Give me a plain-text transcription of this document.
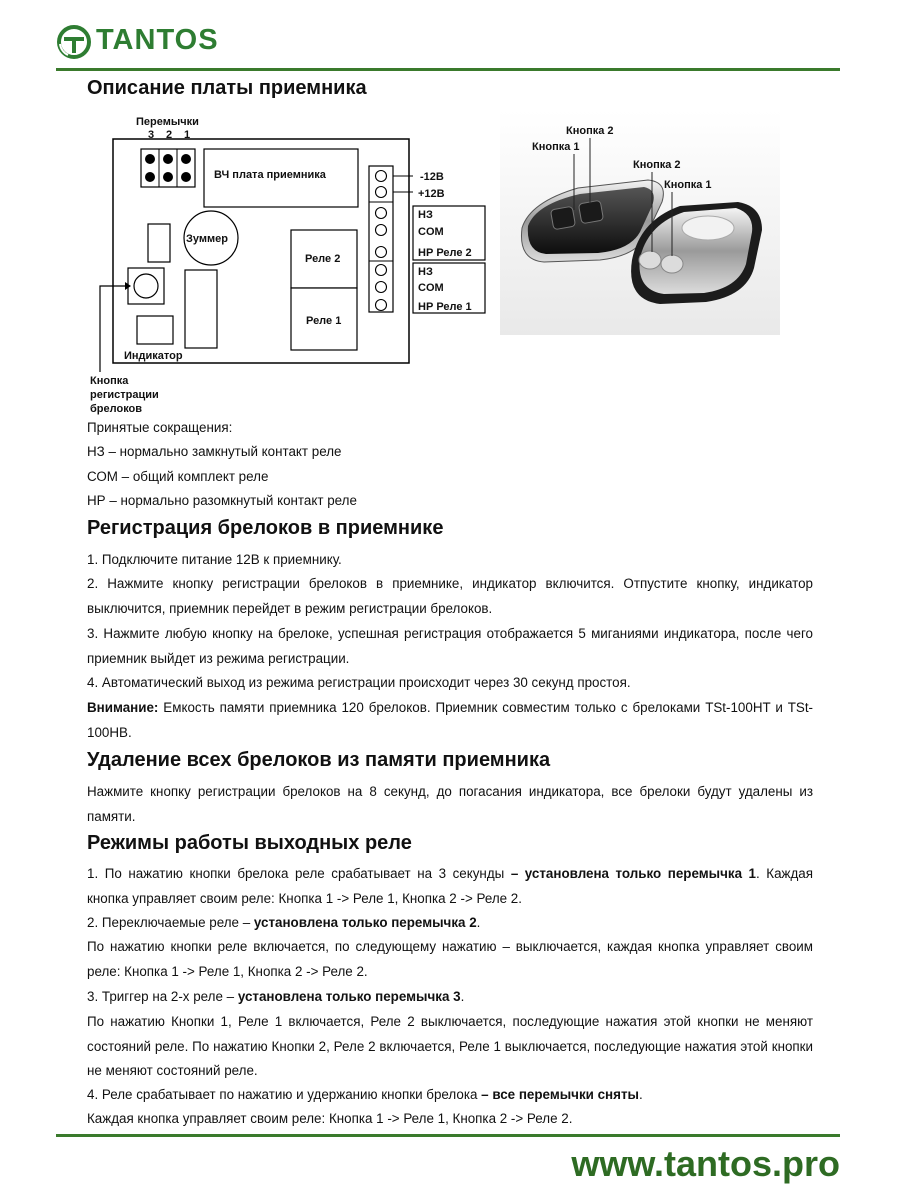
TANTOS
Описание платы приемника
Перемычки
3 2 1
ВЧ плата приемника
Зуммер
Индикатор
Реле 2
Реле 1
-12В
+12В
НЗ
COM
НР Реле 2
НЗ
COM
НР Реле 1
Кнопка
регистрации
брелоков
Кнопка 2
Кнопка 1
Кнопка 2
Кнопка 1

Принятые сокращения:

НЗ – нормально замкнутый контакт реле

СОМ – общий комплект реле

НР – нормально разомкнутый контакт реле

Регистрация брелоков в приемнике

1. Подключите питание 12В к приемнику.

2. Нажмите кнопку регистрации брелоков в приемнике, индикатор включится. Отпустите кнопку, индикатор выключится, приемник перейдет в режим регистрации брелоков.

3. Нажмите любую кнопку на брелоке, успешная регистрация отображается 5 миганиями индикатора, после чего приемник выйдет из режима регистрации.

4. Автоматический выход из режима регистрации происходит через 30 секунд простоя.

Внимание: Емкость памяти приемника 120 брелоков. Приемник совместим только с брелоками TSt-100HT и TSt-100HB.

Удаление всех брелоков из памяти приемника

Нажмите кнопку регистрации брелоков на 8 секунд, до погасания индикатора, все брелоки будут удалены из памяти.

Режимы работы выходных реле

1. По нажатию кнопки брелока реле срабатывает на 3 секунды – установлена только перемычка 1. Каждая кнопка управляет своим реле: Кнопка 1 -> Реле 1, Кнопка 2 -> Реле 2.

2. Переключаемые реле – установлена только перемычка 2.

По нажатию кнопки реле включается, по следующему нажатию – выключается, каждая кнопка управляет своим реле: Кнопка 1 -> Реле 1, Кнопка 2 -> Реле 2.

3. Триггер на 2-х реле – установлена только перемычка 3.

По нажатию Кнопки 1, Реле 1 включается, Реле 2 выключается, последующие нажатия этой кнопки не меняют состояний реле. По нажатию Кнопки 2, Реле 2 включается, Реле 1 выключается, последующие нажатия этой кнопки не меняют состояний реле.

4. Реле срабатывает по нажатию и удержанию кнопки брелока – все перемычки сняты.

Каждая кнопка управляет своим реле: Кнопка 1 -> Реле 1, Кнопка 2 -> Реле 2.

www.tantos.pro
